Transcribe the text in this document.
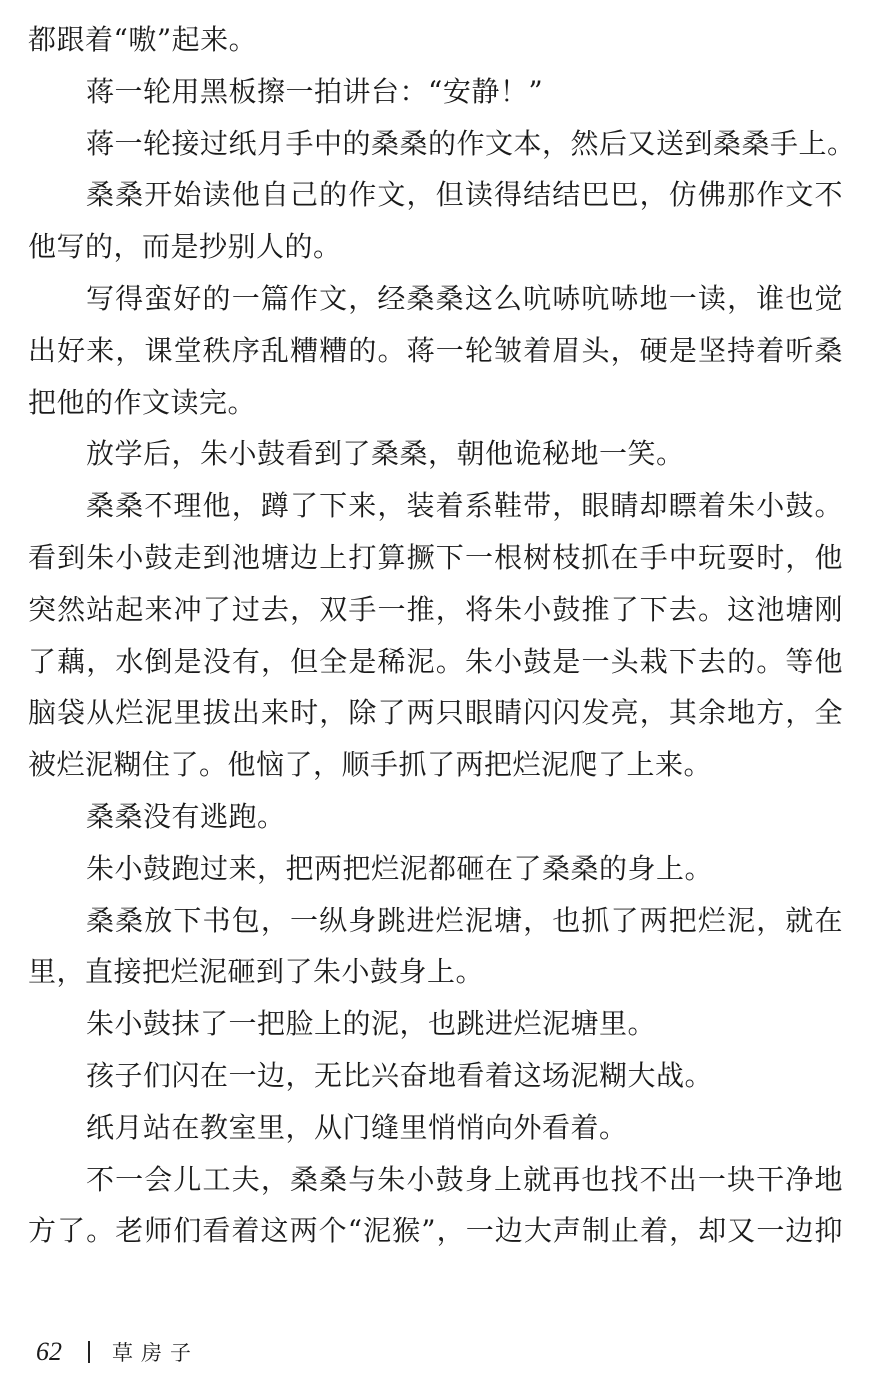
都跟着“嗷”起来。
蒋一轮用黑板擦一拍讲台：“安静！”
蒋一轮接过纸月手中的桑桑的作文本，然后又送到桑桑手上。
桑桑开始读他自己的作文，但读得结结巴巴，仿佛那作文不
他写的，而是抄别人的。
写得蛮好的一篇作文，经桑桑这么吭哧吭哧地一读，谁也觉
出好来，课堂秩序乱糟糟的。蒋一轮皱着眉头，硬是坚持着听桑
把他的作文读完。
放学后，朱小鼓看到了桑桑，朝他诡秘地一笑。
桑桑不理他，蹲了下来，装着系鞋带，眼睛却瞟着朱小鼓。
看到朱小鼓走到池塘边上打算撅下一根树枝抓在手中玩耍时，他
突然站起来冲了过去，双手一推，将朱小鼓推了下去。这池塘刚
了藕，水倒是没有，但全是稀泥。朱小鼓是一头栽下去的。等他
脑袋从烂泥里拔出来时，除了两只眼睛闪闪发亮，其余地方，全
被烂泥糊住了。他恼了，顺手抓了两把烂泥爬了上来。
桑桑没有逃跑。
朱小鼓跑过来，把两把烂泥都砸在了桑桑的身上。
桑桑放下书包，一纵身跳进烂泥塘，也抓了两把烂泥，就在
里，直接把烂泥砸到了朱小鼓身上。
朱小鼓抹了一把脸上的泥，也跳进烂泥塘里。
孩子们闪在一边，无比兴奋地看着这场泥糊大战。
纸月站在教室里，从门缝里悄悄向外看着。
不一会儿工夫，桑桑与朱小鼓身上就再也找不出一块干净地
方了。老师们看着这两个“泥猴”，一边大声制止着，却又一边抑
62 草房子
